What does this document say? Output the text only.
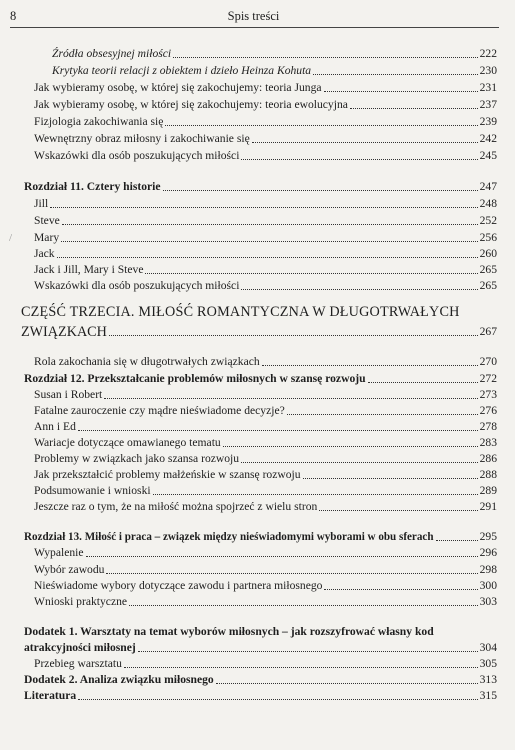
8	Spis treści
Źródła obsesyjnej miłości	222
Krytyka teorii relacji z obiektem i dzieło Heinza Kohuta	230
Jak wybieramy osobę, w której się zakochujemy: teoria Junga	231
Jak wybieramy osobę, w której się zakochujemy: teoria ewolucyjna	237
Fizjologia zakochiwania się	239
Wewnętrzny obraz miłosny i zakochiwanie się	242
Wskazówki dla osób poszukujących miłości	245
Rozdział 11. Cztery historie	247
Jill	248
Steve	252
Mary	256
Jack	260
Jack i Jill, Mary i Steve	265
Wskazówki dla osób poszukujących miłości	265
CZĘŚĆ TRZECIA. MIŁOŚĆ ROMANTYCZNA W DŁUGOTRWAŁYCH
ZWIĄZKACH	267
Rola zakochania się w długotrwałych związkach	270
Rozdział 12. Przekształcanie problemów miłosnych w szansę rozwoju	272
Susan i Robert	273
Fatalne zauroczenie czy mądre nieświadome decyzje?	276
Ann i Ed	278
Wariacje dotyczące omawianego tematu	283
Problemy w związkach jako szansa rozwoju	286
Jak przekształcić problemy małżeńskie w szansę rozwoju	288
Podsumowanie i wnioski	289
Jeszcze raz o tym, że na miłość można spojrzeć z wielu stron	291
Rozdział 13. Miłość i praca – związek między nieświadomymi wyborami w obu sferach	295
Wypalenie	296
Wybór zawodu	298
Nieświadome wybory dotyczące zawodu i partnera miłosnego	300
Wnioski praktyczne	303
Dodatek 1. Warsztaty na temat wyborów miłosnych – jak rozszyfrować własny kod
atrakcyjności miłosnej	304
Przebieg warsztatu	305
Dodatek 2. Analiza związku miłosnego	313
Literatura	315
/
